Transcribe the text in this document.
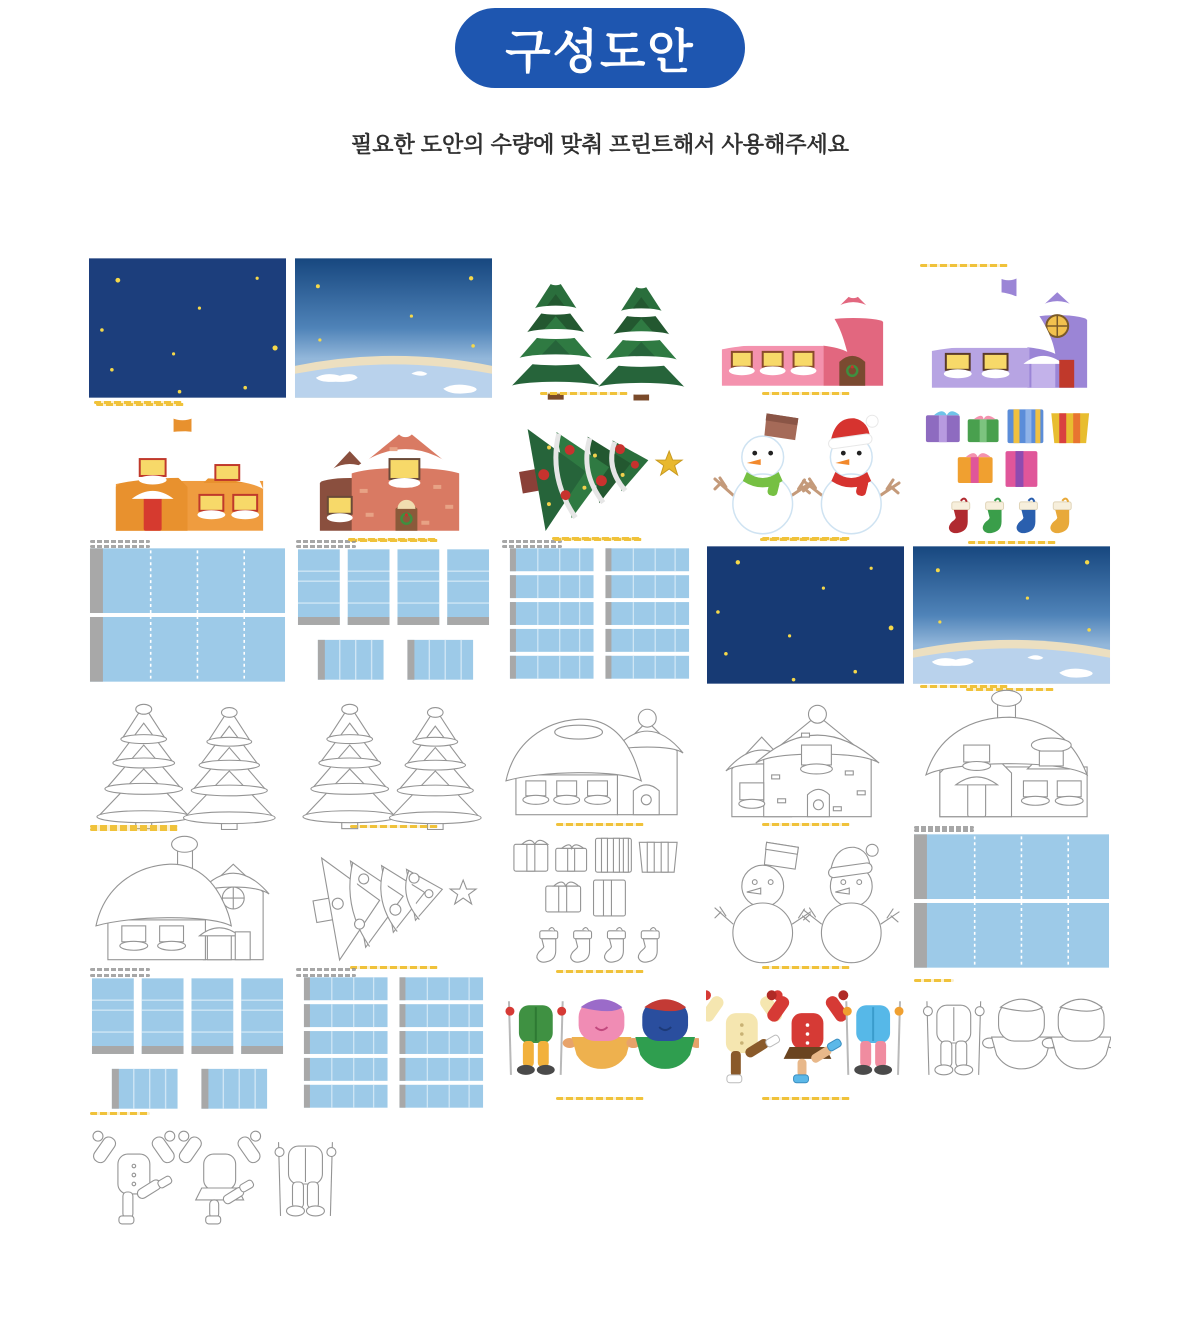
구성도안
필요한 도안의 수량에 맞춰 프린트해서 사용해주세요
